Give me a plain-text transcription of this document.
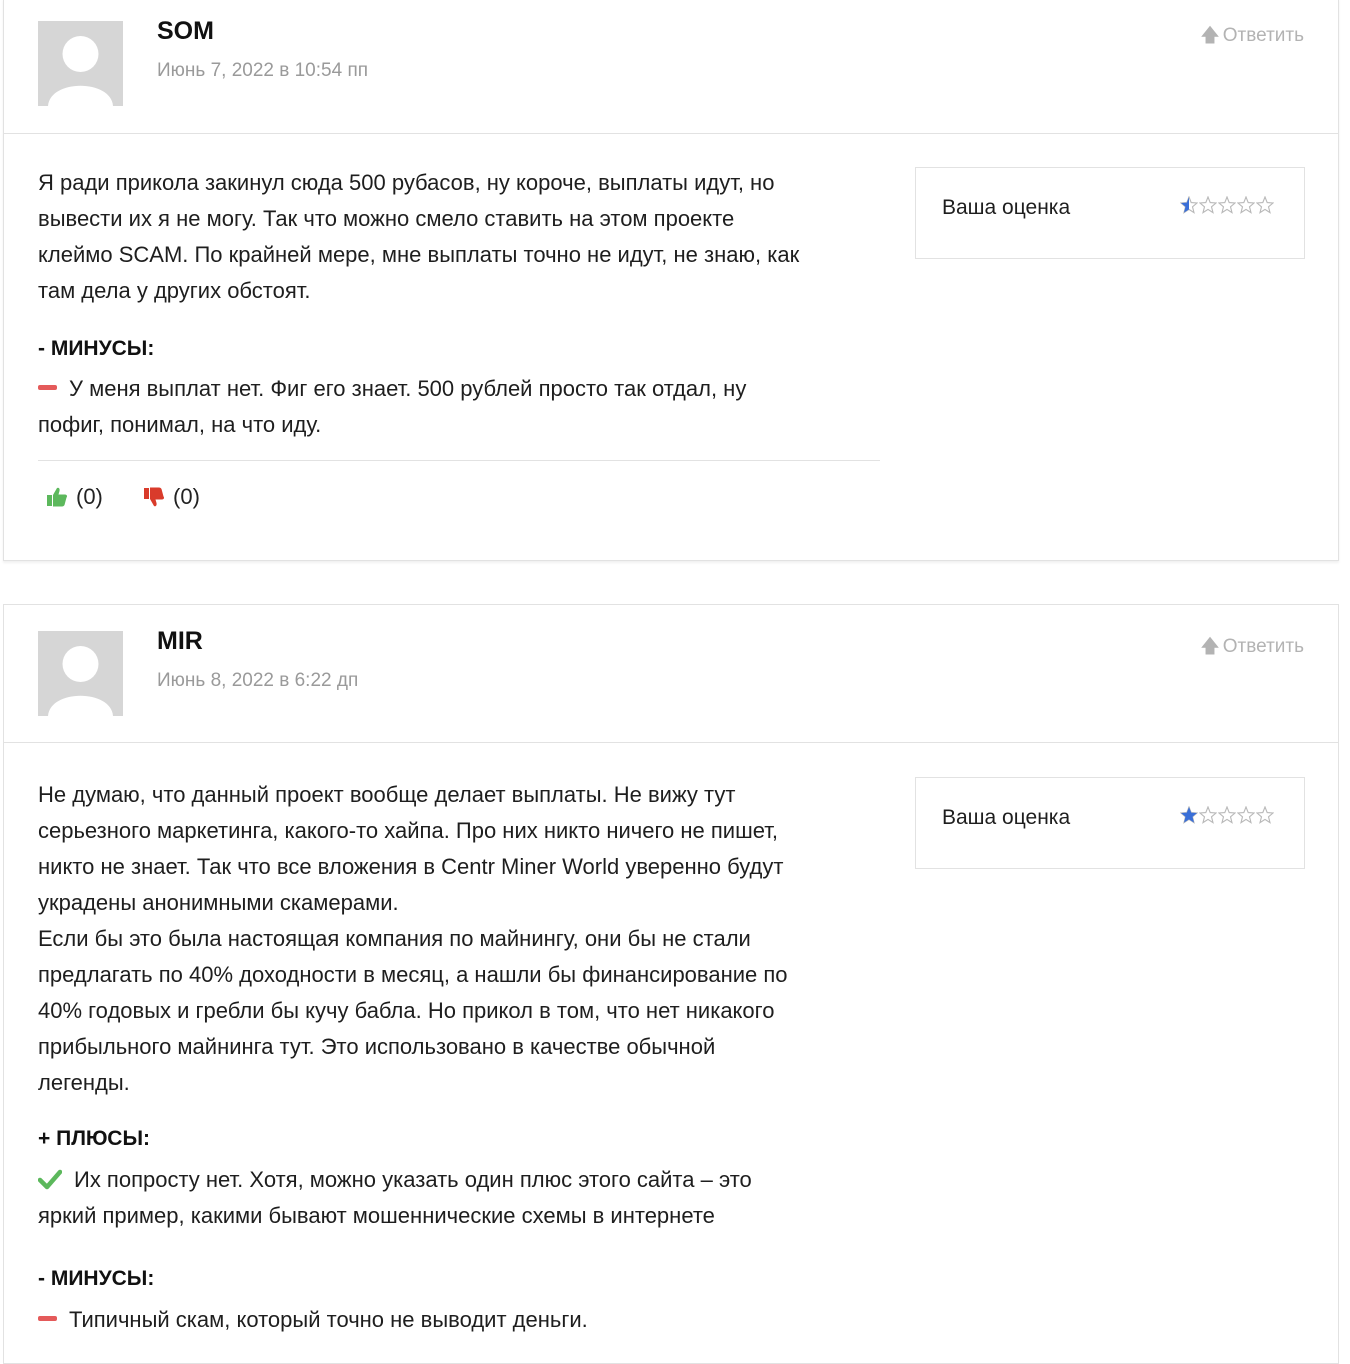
SOM
Июнь 7, 2022 в 10:54 пп
🡅 Ответить

Я ради прикола закинул сюда 500 рубасов, ну короче, выплаты идут, но

вывести их я не могу. Так что можно смело ставить на этом проекте

клеймо SCAM. По крайней мере, мне выплаты точно не идут, не знаю, как

там дела у других обстоят.

- МИНУСЫ:
У меня выплат нет. Фиг его знает. 500 рублей просто так отдал, ну
пофиг, понимал, на что иду.
(0)
	(0)
Ваша оценка
MIR
Июнь 8, 2022 в 6:22 дп
🡅 Ответить

Не думаю, что данный проект вообще делает выплаты. Не вижу тут

серьезного маркетинга, какого-то хайпа. Про них никто ничего не пишет,

никто не знает. Так что все вложения в Centr Miner World уверенно будут

украдены анонимными скамерами.

Если бы это была настоящая компания по майнингу, они бы не стали

предлагать по 40% доходности в месяц, а нашли бы финансирование по

40% годовых и гребли бы кучу бабла. Но прикол в том, что нет никакого

прибыльного майнинга тут. Это использовано в качестве обычной

легенды.

+ ПЛЮСЫ:
Их попросту нет. Хотя, можно указать один плюс этого сайта – это
яркий пример, какими бывают мошеннические схемы в интернете
- МИНУСЫ:
Типичный скам, который точно не выводит деньги.
Ваша оценка
